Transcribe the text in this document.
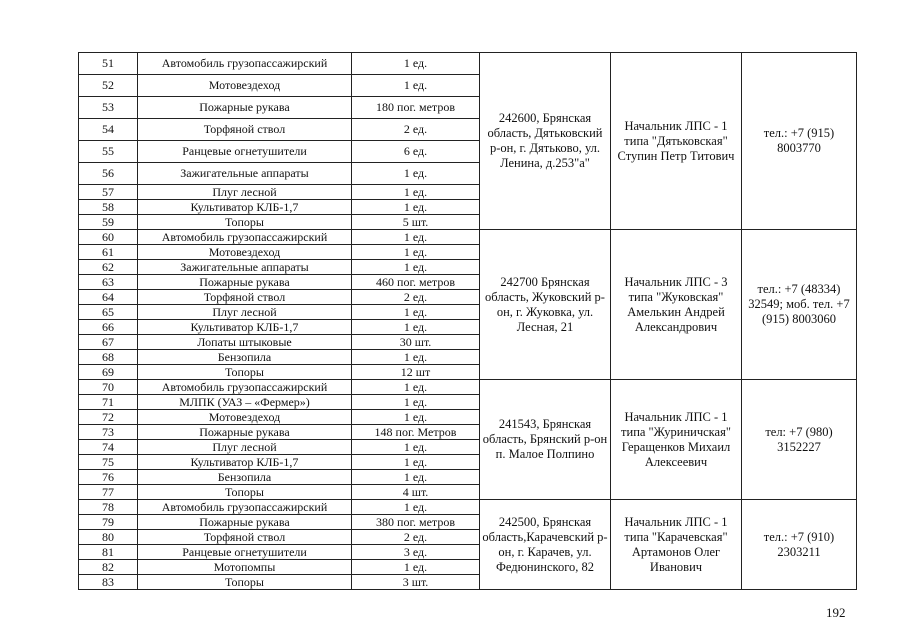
51	Автомобиль грузопассажирский	1 ед.	242600, Брянская область, Дятьковский р-он, г. Дятьково, ул. Ленина, д.253"а"	Начальник ЛПС - 1 типа "Дятьковская" Ступин Петр Титович	тел.: +7 (915) 8003770
52	Мотовездеход	1 ед.			
53	Пожарные рукава	180 пог. метров			
54	Торфяной ствол	2 ед.			
55	Ранцевые огнетушители	6 ед.			
56	Зажигательные аппараты	1 ед.			
57	Плуг лесной	1 ед.			
58	Культиватор КЛБ-1,7	1 ед.			
59	Топоры	5 шт.			
60	Автомобиль грузопассажирский	1 ед.	242700 Брянская область, Жуковский р-он, г. Жуковка, ул. Лесная, 21	Начальник ЛПС - 3 типа "Жуковская" Амелькин Андрей Александрович	тел.: +7 (48334) 32549; моб. тел. +7 (915) 8003060
61	Мотовездеход	1 ед.			
62	Зажигательные аппараты	1 ед.			
63	Пожарные рукава	460 пог. метров			
64	Торфяной ствол	2 ед.			
65	Плуг лесной	1 ед.			
66	Культиватор КЛБ-1,7	1 ед.			
67	Лопаты штыковые	30 шт.			
68	Бензопила	1 ед.			
69	Топоры	12 шт			
70	Автомобиль грузопассажирский	1 ед.	241543, Брянская область, Брянский р-он п. Малое Полпино	Начальник ЛПС - 1 типа "Журиничская" Геращенков Михаил Алексеевич	тел: +7 (980) 3152227
71	МЛПК (УАЗ – «Фермер»)	1 ед.			
72	Мотовездеход	1 ед.			
73	Пожарные рукава	148 пог. Метров			
74	Плуг лесной	1 ед.			
75	Культиватор КЛБ-1,7	1 ед.			
76	Бензопила	1 ед.			
77	Топоры	4 шт.			
78	Автомобиль грузопассажирский	1 ед.	242500, Брянская область,Карачевский р-он, г. Карачев, ул. Федюнинского, 82	Начальник ЛПС - 1 типа "Карачевская" Артамонов Олег Иванович	тел.: +7 (910) 2303211
79	Пожарные рукава	380 пог. метров			
80	Торфяной ствол	2 ед.			
81	Ранцевые огнетушители	3 ед.			
82	Мотопомпы	1 ед.			
83	Топоры	3 шт.			
192
